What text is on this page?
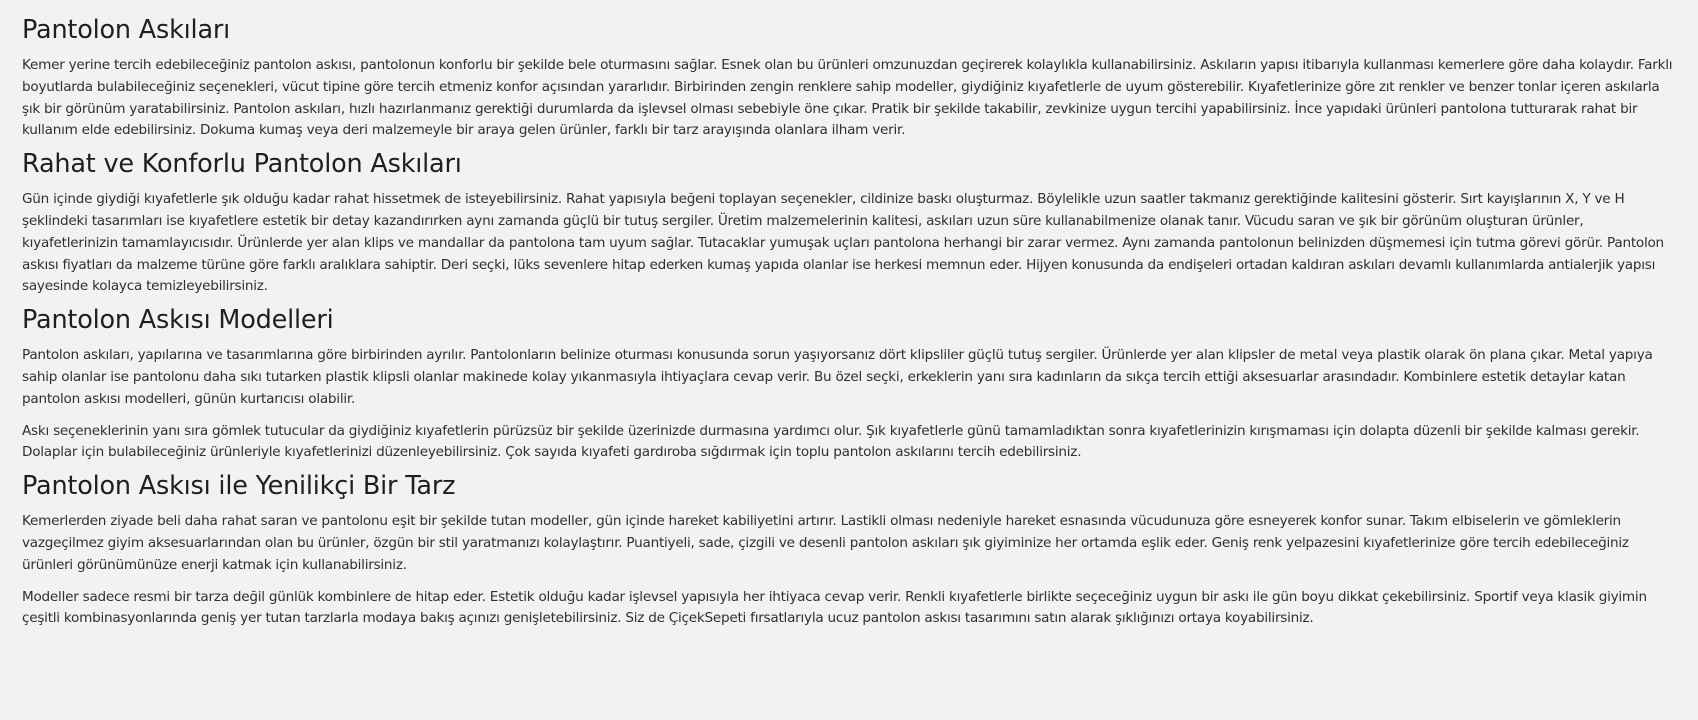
Pantolon Askıları

Kemer yerine tercih edebileceğiniz pantolon askısı, pantolonun konforlu bir şekilde bele oturmasını sağlar. Esnek olan bu ürünleri omzunuzdan geçirerek kolaylıkla kullanabilirsiniz. Askıların yapısı itibarıyla kullanması kemerlere göre daha kolaydır. Farklı boyutlarda bulabileceğiniz seçenekleri, vücut tipine göre tercih etmeniz konfor açısından yararlıdır. Birbirinden zengin renklere sahip modeller, giydiğiniz kıyafetlerle de uyum gösterebilir. Kıyafetlerinize göre zıt renkler ve benzer tonlar içeren askılarla şık bir görünüm yaratabilirsiniz. Pantolon askıları, hızlı hazırlanmanız gerektiği durumlarda da işlevsel olması sebebiyle öne çıkar. Pratik bir şekilde takabilir, zevkinize uygun tercihi yapabilirsiniz. İnce yapıdaki ürünleri pantolona tutturarak rahat bir kullanım elde edebilirsiniz. Dokuma kumaş veya deri malzemeyle bir araya gelen ürünler, farklı bir tarz arayışında olanlara ilham verir.

Rahat ve Konforlu Pantolon Askıları

Gün içinde giydiği kıyafetlerle şık olduğu kadar rahat hissetmek de isteyebilirsiniz. Rahat yapısıyla beğeni toplayan seçenekler, cildinize baskı oluşturmaz. Böylelikle uzun saatler takmanız gerektiğinde kalitesini gösterir. Sırt kayışlarının X, Y ve H şeklindeki tasarımları ise kıyafetlere estetik bir detay kazandırırken aynı zamanda güçlü bir tutuş sergiler. Üretim malzemelerinin kalitesi, askıları uzun süre kullanabilmenize olanak tanır. Vücudu saran ve şık bir görünüm oluşturan ürünler, kıyafetlerinizin tamamlayıcısıdır. Ürünlerde yer alan klips ve mandallar da pantolona tam uyum sağlar. Tutacaklar yumuşak uçları pantolona herhangi bir zarar vermez. Aynı zamanda pantolonun belinizden düşmemesi için tutma görevi görür. Pantolon askısı fiyatları da malzeme türüne göre farklı aralıklara sahiptir. Deri seçki, lüks sevenlere hitap ederken kumaş yapıda olanlar ise herkesi memnun eder. Hijyen konusunda da endişeleri ortadan kaldıran askıları devamlı kullanımlarda antialerjik yapısı sayesinde kolayca temizleyebilirsiniz.

Pantolon Askısı Modelleri

Pantolon askıları, yapılarına ve tasarımlarına göre birbirinden ayrılır. Pantolonların belinize oturması konusunda sorun yaşıyorsanız dört klipsliler güçlü tutuş sergiler. Ürünlerde yer alan klipsler de metal veya plastik olarak ön plana çıkar. Metal yapıya sahip olanlar ise pantolonu daha sıkı tutarken plastik klipsli olanlar makinede kolay yıkanmasıyla ihtiyaçlara cevap verir. Bu özel seçki, erkeklerin yanı sıra kadınların da sıkça tercih ettiği aksesuarlar arasındadır. Kombinlere estetik detaylar katan pantolon askısı modelleri, günün kurtarıcısı olabilir.

Askı seçeneklerinin yanı sıra gömlek tutucular da giydiğiniz kıyafetlerin pürüzsüz bir şekilde üzerinizde durmasına yardımcı olur. Şık kıyafetlerle günü tamamladıktan sonra kıyafetlerinizin kırışmaması için dolapta düzenli bir şekilde kalması gerekir. Dolaplar için bulabileceğiniz ürünleriyle kıyafetlerinizi düzenleyebilirsiniz. Çok sayıda kıyafeti gardıroba sığdırmak için toplu pantolon askılarını tercih edebilirsiniz.

Pantolon Askısı ile Yenilikçi Bir Tarz

Kemerlerden ziyade beli daha rahat saran ve pantolonu eşit bir şekilde tutan modeller, gün içinde hareket kabiliyetini artırır. Lastikli olması nedeniyle hareket esnasında vücudunuza göre esneyerek konfor sunar. Takım elbiselerin ve gömleklerin vazgeçilmez giyim aksesuarlarından olan bu ürünler, özgün bir stil yaratmanızı kolaylaştırır. Puantiyeli, sade, çizgili ve desenli pantolon askıları şık giyiminize her ortamda eşlik eder. Geniş renk yelpazesini kıyafetlerinize göre tercih edebileceğiniz ürünleri görünümünüze enerji katmak için kullanabilirsiniz.

Modeller sadece resmi bir tarza değil günlük kombinlere de hitap eder. Estetik olduğu kadar işlevsel yapısıyla her ihtiyaca cevap verir. Renkli kıyafetlerle birlikte seçeceğiniz uygun bir askı ile gün boyu dikkat çekebilirsiniz. Sportif veya klasik giyimin çeşitli kombinasyonlarında geniş yer tutan tarzlarla modaya bakış açınızı genişletebilirsiniz. Siz de ÇiçekSepeti fırsatlarıyla ucuz pantolon askısı tasarımını satın alarak şıklığınızı ortaya koyabilirsiniz.
